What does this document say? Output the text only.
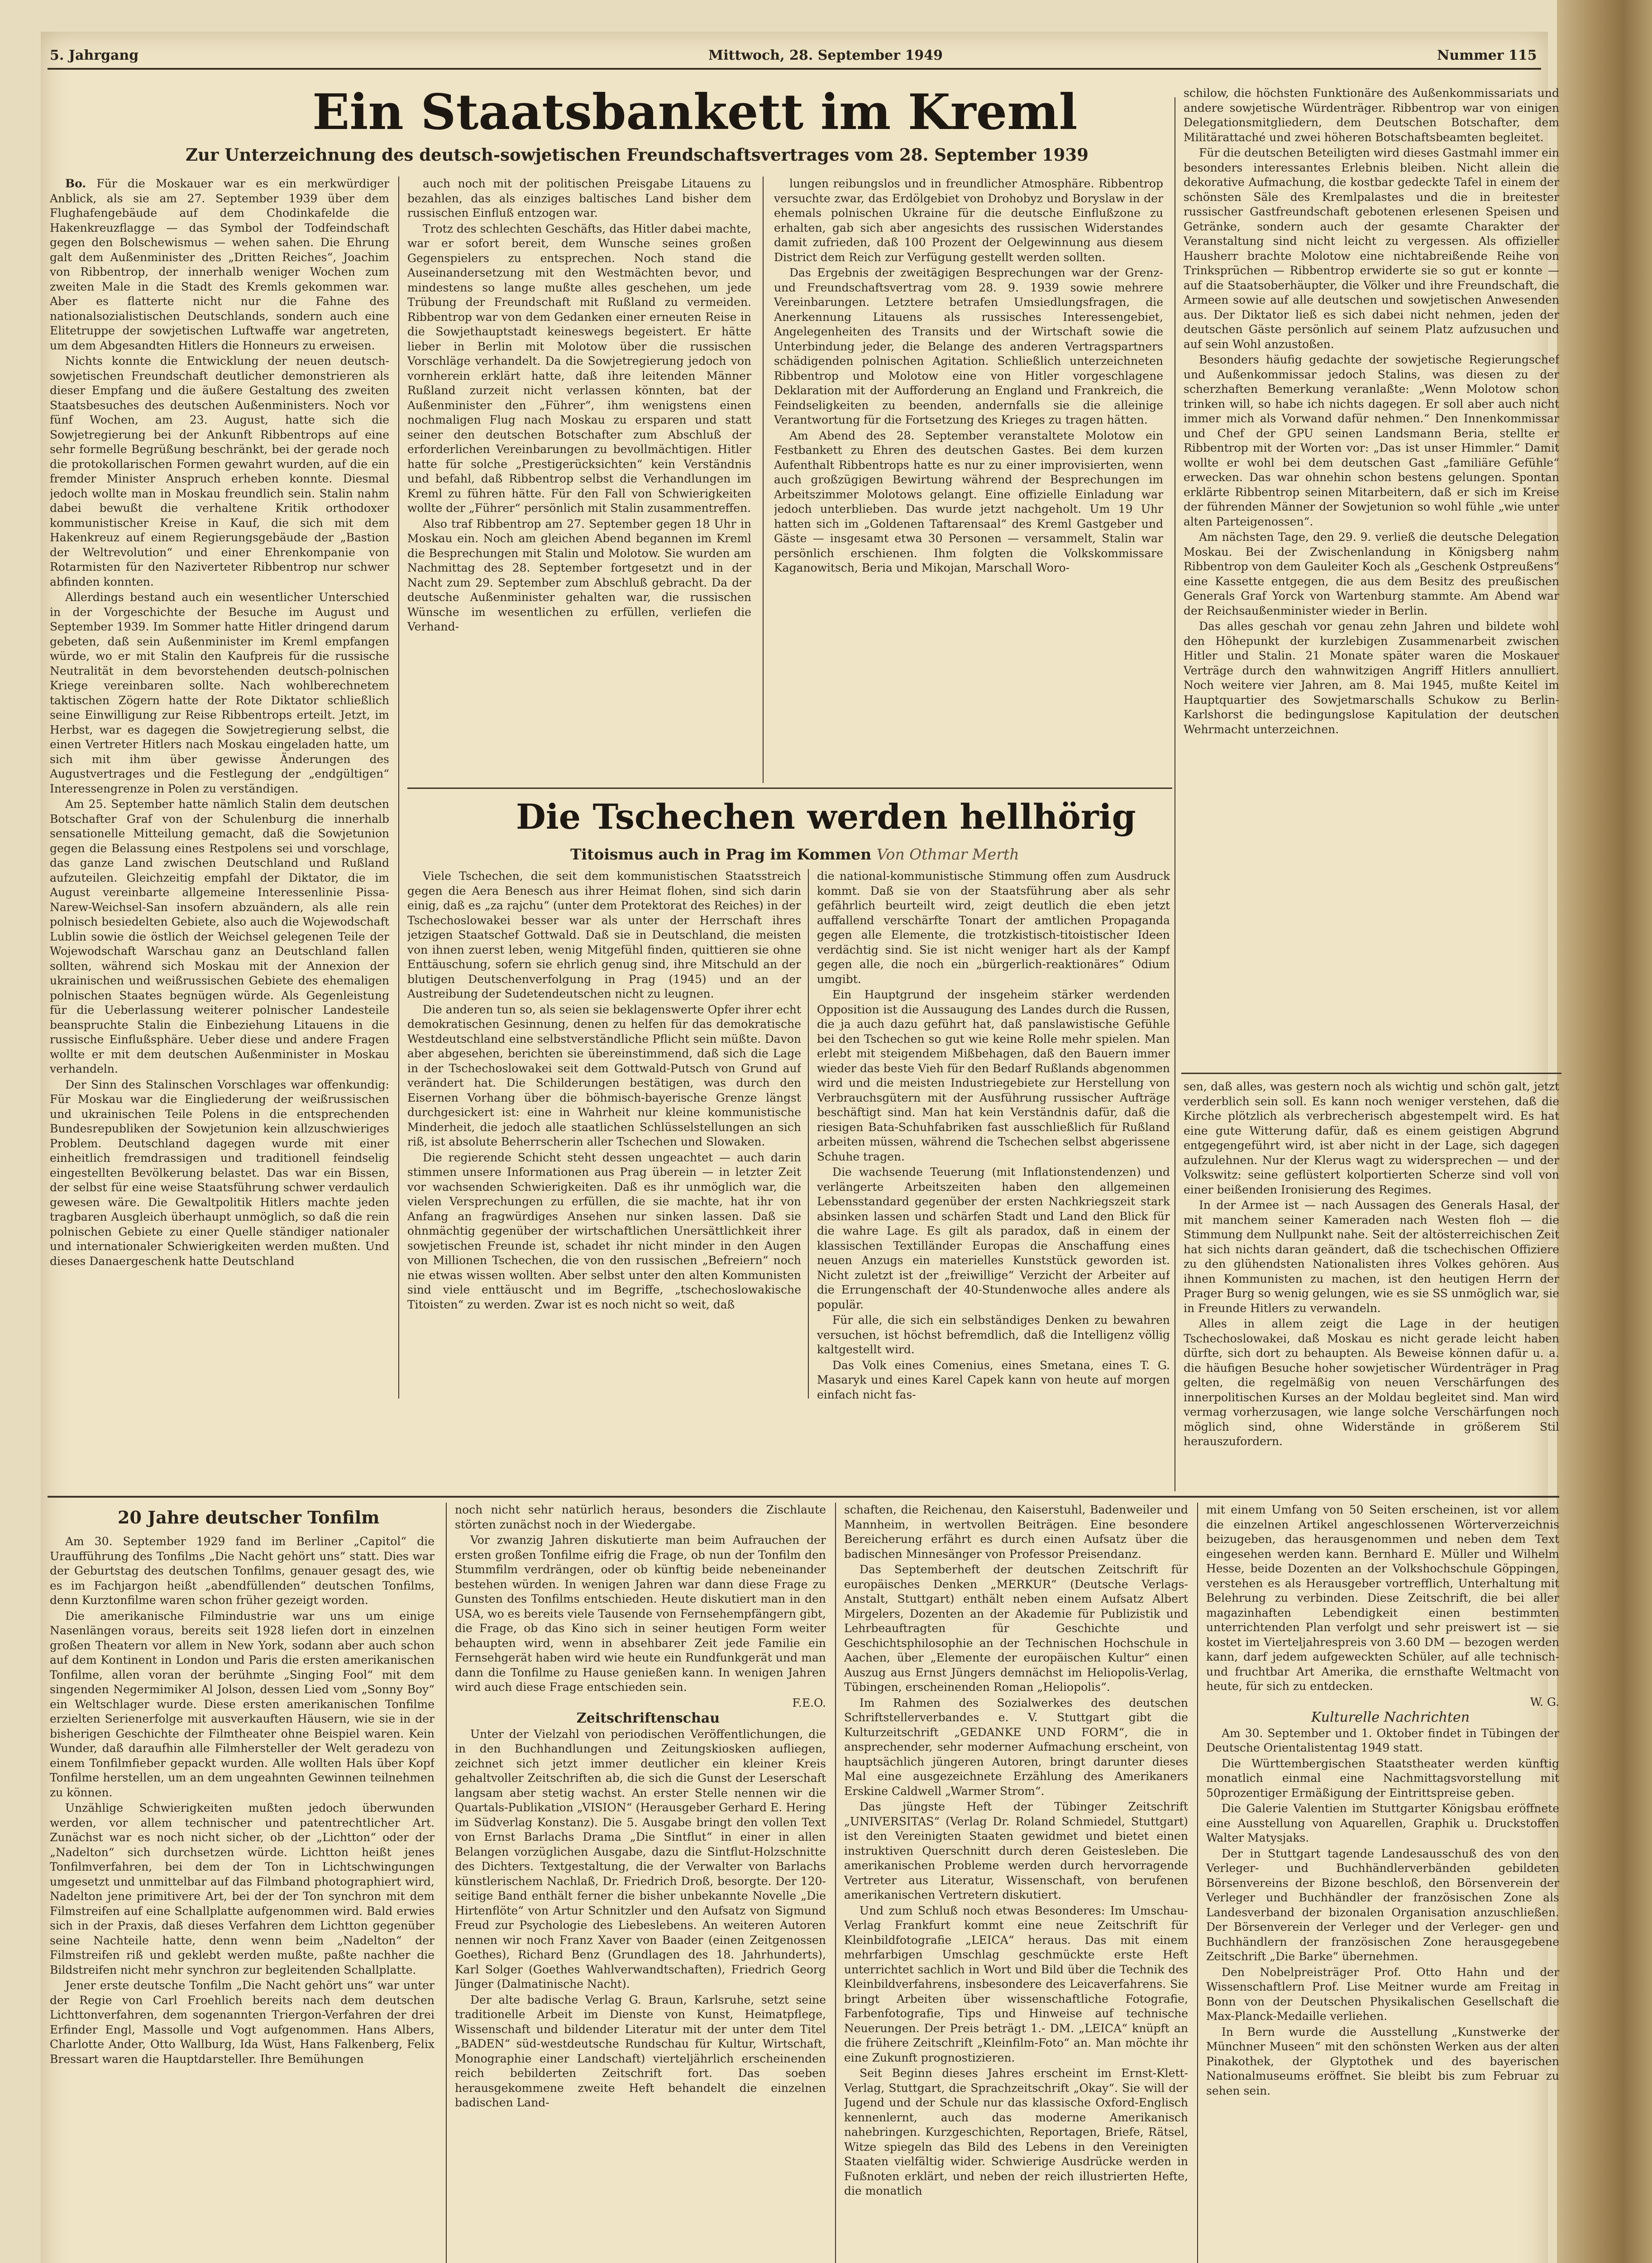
5. Jahrgang	Mittwoch, 28. September 1949	Nummer 115
Ein Staatsbankett im Kreml
Zur Unterzeichnung des deutsch-sowjetischen Freundschaftsvertrages vom 28. September 1939

Bo. Für die Moskauer war es ein merkwürdiger Anblick, als sie am 27. September 1939 über dem Flughafengebäude auf dem Chodinkafelde die Hakenkreuzflagge — das Symbol der Todfeindschaft gegen den Bolschewismus — wehen sahen. Die Ehrung galt dem Außenminister des „Dritten Reiches“, Joachim von Ribbentrop, der innerhalb weniger Wochen zum zweiten Male in die Stadt des Kremls gekommen war. Aber es flatterte nicht nur die Fahne des nationalsozialistischen Deutschlands, sondern auch eine Elitetruppe der sowjetischen Luftwaffe war angetreten, um dem Abgesandten Hitlers die Honneurs zu erweisen.

Nichts konnte die Entwicklung der neuen deutsch-sowjetischen Freundschaft deutlicher demonstrieren als dieser Empfang und die äußere Gestaltung des zweiten Staatsbesuches des deutschen Außenministers. Noch vor fünf Wochen, am 23. August, hatte sich die Sowjetregierung bei der Ankunft Ribbentrops auf eine sehr formelle Begrüßung beschränkt, bei der gerade noch die protokollarischen Formen gewahrt wurden, auf die ein fremder Minister Anspruch erheben konnte. Diesmal jedoch wollte man in Moskau freundlich sein. Stalin nahm dabei bewußt die verhaltene Kritik orthodoxer kommunistischer Kreise in Kauf, die sich mit dem Hakenkreuz auf einem Regierungsgebäude der „Bastion der Weltrevolution“ und einer Ehrenkompanie von Rotarmisten für den Naziverteter Ribbentrop nur schwer abfinden konnten.

Allerdings bestand auch ein wesentlicher Unterschied in der Vorgeschichte der Besuche im August und September 1939. Im Sommer hatte Hitler dringend darum gebeten, daß sein Außenminister im Kreml empfangen würde, wo er mit Stalin den Kaufpreis für die russische Neutralität in dem bevorstehenden deutsch-polnischen Kriege vereinbaren sollte. Nach wohlberechnetem taktischen Zögern hatte der Rote Diktator schließlich seine Einwilligung zur Reise Ribbentrops erteilt. Jetzt, im Herbst, war es dagegen die Sowjetregierung selbst, die einen Vertreter Hitlers nach Moskau eingeladen hatte, um sich mit ihm über gewisse Änderungen des Augustvertrages und die Festlegung der „endgültigen“ Interessengrenze in Polen zu verständigen.

Am 25. September hatte nämlich Stalin dem deutschen Botschafter Graf von der Schulenburg die innerhalb sensationelle Mitteilung gemacht, daß die Sowjetunion gegen die Belassung eines Restpolens sei und vorschlage, das ganze Land zwischen Deutschland und Rußland aufzuteilen. Gleichzeitig empfahl der Diktator, die im August vereinbarte allgemeine Interessenlinie Pissa-Narew-Weichsel-San insofern abzuändern, als alle rein polnisch besiedelten Gebiete, also auch die Wojewodschaft Lublin sowie die östlich der Weichsel gelegenen Teile der Wojewodschaft Warschau ganz an Deutschland fallen sollten, während sich Moskau mit der Annexion der ukrainischen und weißrussischen Gebiete des ehemaligen polnischen Staates begnügen würde. Als Gegenleistung für die Ueberlassung weiterer polnischer Landesteile beanspruchte Stalin die Einbeziehung Litauens in die russische Einflußsphäre. Ueber diese und andere Fragen wollte er mit dem deutschen Außenminister in Moskau verhandeln.

Der Sinn des Stalinschen Vorschlages war offenkundig: Für Moskau war die Eingliederung der weißrussischen und ukrainischen Teile Polens in die entsprechenden Bundesrepubliken der Sowjetunion kein allzuschwieriges Problem. Deutschland dagegen wurde mit einer einheitlich fremdrassigen und traditionell feindselig eingestellten Bevölkerung belastet. Das war ein Bissen, der selbst für eine weise Staatsführung schwer verdaulich gewesen wäre. Die Gewaltpolitik Hitlers machte jeden tragbaren Ausgleich überhaupt unmöglich, so daß die rein polnischen Gebiete zu einer Quelle ständiger nationaler und internationaler Schwierigkeiten werden mußten. Und dieses Danaergeschenk hatte Deutschland

auch noch mit der politischen Preisgabe Litauens zu bezahlen, das als einziges baltisches Land bisher dem russischen Einfluß entzogen war.

Trotz des schlechten Geschäfts, das Hitler dabei machte, war er sofort bereit, dem Wunsche seines großen Gegenspielers zu entsprechen. Noch stand die Auseinandersetzung mit den Westmächten bevor, und mindestens so lange mußte alles geschehen, um jede Trübung der Freundschaft mit Rußland zu vermeiden. Ribbentrop war von dem Gedanken einer erneuten Reise in die Sowjethauptstadt keineswegs begeistert. Er hätte lieber in Berlin mit Molotow über die russischen Vorschläge verhandelt. Da die Sowjetregierung jedoch von vornherein erklärt hatte, daß ihre leitenden Männer Rußland zurzeit nicht verlassen könnten, bat der Außenminister den „Führer“, ihm wenigstens einen nochmaligen Flug nach Moskau zu ersparen und statt seiner den deutschen Botschafter zum Abschluß der erforderlichen Vereinbarungen zu bevollmächtigen. Hitler hatte für solche „Prestigerücksichten“ kein Verständnis und befahl, daß Ribbentrop selbst die Verhandlungen im Kreml zu führen hätte. Für den Fall von Schwierigkeiten wollte der „Führer“ persönlich mit Stalin zusammentreffen.

Also traf Ribbentrop am 27. September gegen 18 Uhr in Moskau ein. Noch am gleichen Abend begannen im Kreml die Besprechungen mit Stalin und Molotow. Sie wurden am Nachmittag des 28. September fortgesetzt und in der Nacht zum 29. September zum Abschluß gebracht. Da der deutsche Außenminister gehalten war, die russischen Wünsche im wesentlichen zu erfüllen, verliefen die Verhand-

lungen reibungslos und in freundlicher Atmosphäre. Ribbentrop versuchte zwar, das Erdölgebiet von Drohobyz und Boryslaw in der ehemals polnischen Ukraine für die deutsche Einflußzone zu erhalten, gab sich aber angesichts des russischen Widerstandes damit zufrieden, daß 100 Prozent der Oelgewinnung aus diesem District dem Reich zur Verfügung gestellt werden sollten.

Das Ergebnis der zweitägigen Besprechungen war der Grenz- und Freundschaftsvertrag vom 28. 9. 1939 sowie mehrere Vereinbarungen. Letztere betrafen Umsiedlungsfragen, die Anerkennung Litauens als russisches Interessengebiet, Angelegenheiten des Transits und der Wirtschaft sowie die Unterbindung jeder, die Belange des anderen Vertragspartners schädigenden polnischen Agitation. Schließlich unterzeichneten Ribbentrop und Molotow eine von Hitler vorgeschlagene Deklaration mit der Aufforderung an England und Frankreich, die Feindseligkeiten zu beenden, andernfalls sie die alleinige Verantwortung für die Fortsetzung des Krieges zu tragen hätten.

Am Abend des 28. September veranstaltete Molotow ein Festbankett zu Ehren des deutschen Gastes. Bei dem kurzen Aufenthalt Ribbentrops hatte es nur zu einer improvisierten, wenn auch großzügigen Bewirtung während der Besprechungen im Arbeitszimmer Molotows gelangt. Eine offizielle Einladung war jedoch unterblieben. Das wurde jetzt nachgeholt. Um 19 Uhr hatten sich im „Goldenen Taftarensaal“ des Kreml Gastgeber und Gäste — insgesamt etwa 30 Personen — versammelt, Stalin war persönlich erschienen. Ihm folgten die Volkskommissare Kaganowitsch, Beria und Mikojan, Marschall Woro-

schilow, die höchsten Funktionäre des Außenkommissariats und andere sowjetische Würdenträger. Ribbentrop war von einigen Delegationsmitgliedern, dem Deutschen Botschafter, dem Militärattaché und zwei höheren Botschaftsbeamten begleitet.

Für die deutschen Beteiligten wird dieses Gastmahl immer ein besonders interessantes Erlebnis bleiben. Nicht allein die dekorative Aufmachung, die kostbar gedeckte Tafel in einem der schönsten Säle des Kremlpalastes und die in breitester russischer Gastfreundschaft gebotenen erlesenen Speisen und Getränke, sondern auch der gesamte Charakter der Veranstaltung sind nicht leicht zu vergessen. Als offizieller Hausherr brachte Molotow eine nichtabreißende Reihe von Trinksprüchen — Ribbentrop erwiderte sie so gut er konnte — auf die Staatsoberhäupter, die Völker und ihre Freundschaft, die Armeen sowie auf alle deutschen und sowjetischen Anwesenden aus. Der Diktator ließ es sich dabei nicht nehmen, jeden der deutschen Gäste persönlich auf seinem Platz aufzusuchen und auf sein Wohl anzustoßen.

Besonders häufig gedachte der sowjetische Regierungschef und Außenkommissar jedoch Stalins, was diesen zu der scherzhaften Bemerkung veranlaßte: „Wenn Molotow schon trinken will, so habe ich nichts dagegen. Er soll aber auch nicht immer mich als Vorwand dafür nehmen.“ Den Innenkommissar und Chef der GPU seinen Landsmann Beria, stellte er Ribbentrop mit der Worten vor: „Das ist unser Himmler.“ Damit wollte er wohl bei dem deutschen Gast „familiäre Gefühle“ erwecken. Das war ohnehin schon bestens gelungen. Spontan erklärte Ribbentrop seinen Mitarbeitern, daß er sich im Kreise der führenden Männer der Sowjetunion so wohl fühle „wie unter alten Parteigenossen“.

Am nächsten Tage, den 29. 9. verließ die deutsche Delegation Moskau. Bei der Zwischenlandung in Königsberg nahm Ribbentrop von dem Gauleiter Koch als „Geschenk Ostpreußens“ eine Kassette entgegen, die aus dem Besitz des preußischen Generals Graf Yorck von Wartenburg stammte. Am Abend war der Reichsaußenminister wieder in Berlin.

Das alles geschah vor genau zehn Jahren und bildete wohl den Höhepunkt der kurzlebigen Zusammenarbeit zwischen Hitler und Stalin. 21 Monate später waren die Moskauer Verträge durch den wahnwitzigen Angriff Hitlers annulliert. Noch weitere vier Jahren, am 8. Mai 1945, mußte Keitel im Hauptquartier des Sowjetmarschalls Schukow zu Berlin-Karlshorst die bedingungslose Kapitulation der deutschen Wehrmacht unterzeichnen.

Die Tschechen werden hellhörig
Titoismus auch in Prag im Kommen Von Othmar Merth

Viele Tschechen, die seit dem kommunistischen Staatsstreich gegen die Aera Benesch aus ihrer Heimat flohen, sind sich darin einig, daß es „za rajchu“ (unter dem Protektorat des Reiches) in der Tschechoslowakei besser war als unter der Herrschaft ihres jetzigen Staatschef Gottwald. Daß sie in Deutschland, die meisten von ihnen zuerst leben, wenig Mitgefühl finden, quittieren sie ohne Enttäuschung, sofern sie ehrlich genug sind, ihre Mitschuld an der blutigen Deutschenverfolgung in Prag (1945) und an der Austreibung der Sudetendeutschen nicht zu leugnen.

Die anderen tun so, als seien sie beklagenswerte Opfer ihrer echt demokratischen Gesinnung, denen zu helfen für das demokratische Westdeutschland eine selbstverständliche Pflicht sein müßte. Davon aber abgesehen, berichten sie übereinstimmend, daß sich die Lage in der Tschechoslowakei seit dem Gottwald-Putsch von Grund auf verändert hat. Die Schilderungen bestätigen, was durch den Eisernen Vorhang über die böhmisch-bayerische Grenze längst durchgesickert ist: eine in Wahrheit nur kleine kommunistische Minderheit, die jedoch alle staatlichen Schlüsselstellungen an sich riß, ist absolute Beherrscherin aller Tschechen und Slowaken.

Die regierende Schicht steht dessen ungeachtet — auch darin stimmen unsere Informationen aus Prag überein — in letzter Zeit vor wachsenden Schwierigkeiten. Daß es ihr unmöglich war, die vielen Versprechungen zu erfüllen, die sie machte, hat ihr von Anfang an fragwürdiges Ansehen nur sinken lassen. Daß sie ohnmächtig gegenüber der wirtschaftlichen Unersättlichkeit ihrer sowjetischen Freunde ist, schadet ihr nicht minder in den Augen von Millionen Tschechen, die von den russischen „Befreiern“ noch nie etwas wissen wollten. Aber selbst unter den alten Kommunisten sind viele enttäuscht und im Begriffe, „tschechoslowakische Titoisten“ zu werden. Zwar ist es noch nicht so weit, daß

die national-kommunistische Stimmung offen zum Ausdruck kommt. Daß sie von der Staatsführung aber als sehr gefährlich beurteilt wird, zeigt deutlich die eben jetzt auffallend verschärfte Tonart der amtlichen Propaganda gegen alle Elemente, die trotzkistisch-titoistischer Ideen verdächtig sind. Sie ist nicht weniger hart als der Kampf gegen alle, die noch ein „bürgerlich-reaktionäres“ Odium umgibt.

Ein Hauptgrund der insgeheim stärker werdenden Opposition ist die Aussaugung des Landes durch die Russen, die ja auch dazu geführt hat, daß panslawistische Gefühle bei den Tschechen so gut wie keine Rolle mehr spielen. Man erlebt mit steigendem Mißbehagen, daß den Bauern immer wieder das beste Vieh für den Bedarf Rußlands abgenommen wird und die meisten Industriegebiete zur Herstellung von Verbrauchsgütern mit der Ausführung russischer Aufträge beschäftigt sind. Man hat kein Verständnis dafür, daß die riesigen Bata-Schuhfabriken fast ausschließlich für Rußland arbeiten müssen, während die Tschechen selbst abgerissene Schuhe tragen.

Die wachsende Teuerung (mit Inflationstendenzen) und verlängerte Arbeitszeiten haben den allgemeinen Lebensstandard gegenüber der ersten Nachkriegszeit stark absinken lassen und schärfen Stadt und Land den Blick für die wahre Lage. Es gilt als paradox, daß in einem der klassischen Textilländer Europas die Anschaffung eines neuen Anzugs ein materielles Kunststück geworden ist. Nicht zuletzt ist der „freiwillige“ Verzicht der Arbeiter auf die Errungenschaft der 40-Stundenwoche alles andere als populär.

Für alle, die sich ein selbständiges Denken zu bewahren versuchen, ist höchst befremdlich, daß die Intelligenz völlig kaltgestellt wird.

Das Volk eines Comenius, eines Smetana, eines T. G. Masaryk und eines Karel Capek kann von heute auf morgen einfach nicht fas-

sen, daß alles, was gestern noch als wichtig und schön galt, jetzt verderblich sein soll. Es kann noch weniger verstehen, daß die Kirche plötzlich als verbrecherisch abgestempelt wird. Es hat eine gute Witterung dafür, daß es einem geistigen Abgrund entgegengeführt wird, ist aber nicht in der Lage, sich dagegen aufzulehnen. Nur der Klerus wagt zu widersprechen — und der Volkswitz: seine geflüstert kolportierten Scherze sind voll von einer beißenden Ironisierung des Regimes.

In der Armee ist — nach Aussagen des Generals Hasal, der mit manchem seiner Kameraden nach Westen floh — die Stimmung dem Nullpunkt nahe. Seit der altösterreichischen Zeit hat sich nichts daran geändert, daß die tschechischen Offiziere zu den glühendsten Nationalisten ihres Volkes gehören. Aus ihnen Kommunisten zu machen, ist den heutigen Herrn der Prager Burg so wenig gelungen, wie es sie SS unmöglich war, sie in Freunde Hitlers zu verwandeln.

Alles in allem zeigt die Lage in der heutigen Tschechoslowakei, daß Moskau es nicht gerade leicht haben dürfte, sich dort zu behaupten. Als Beweise können dafür u. a. die häufigen Besuche hoher sowjetischer Würdenträger in Prag gelten, die regelmäßig von neuen Verschärfungen des innerpolitischen Kurses an der Moldau begleitet sind. Man wird vermag vorherzusagen, wie lange solche Verschärfungen noch möglich sind, ohne Widerstände in größerem Stil herauszufordern.

20 Jahre deutscher Tonfilm

Am 30. September 1929 fand im Berliner „Capitol“ die Uraufführung des Tonfilms „Die Nacht gehört uns“ statt. Dies war der Geburtstag des deutschen Tonfilms, genauer gesagt des, wie es im Fachjargon heißt „abendfüllenden“ deutschen Tonfilms, denn Kurztonfilme waren schon früher gezeigt worden.

Die amerikanische Filmindustrie war uns um einige Nasenlängen voraus, bereits seit 1928 liefen dort in einzelnen großen Theatern vor allem in New York, sodann aber auch schon auf dem Kontinent in London und Paris die ersten amerikanischen Tonfilme, allen voran der berühmte „Singing Fool“ mit dem singenden Negermimiker Al Jolson, dessen Lied vom „Sonny Boy“ ein Weltschlager wurde. Diese ersten amerikanischen Tonfilme erzielten Serienerfolge mit ausverkauften Häusern, wie sie in der bisherigen Geschichte der Filmtheater ohne Beispiel waren. Kein Wunder, daß daraufhin alle Filmhersteller der Welt geradezu von einem Tonfilmfieber gepackt wurden. Alle wollten Hals über Kopf Tonfilme herstellen, um an dem ungeahnten Gewinnen teilnehmen zu können.

Unzählige Schwierigkeiten mußten jedoch überwunden werden, vor allem technischer und patentrechtlicher Art. Zunächst war es noch nicht sicher, ob der „Lichtton“ oder der „Nadelton“ sich durchsetzen würde. Lichtton heißt jenes Tonfilmverfahren, bei dem der Ton in Lichtschwingungen umgesetzt und unmittelbar auf das Filmband photographiert wird, Nadelton jene primitivere Art, bei der der Ton synchron mit dem Filmstreifen auf eine Schallplatte aufgenommen wird. Bald erwies sich in der Praxis, daß dieses Verfahren dem Lichtton gegenüber seine Nachteile hatte, denn wenn beim „Nadelton“ der Filmstreifen riß und geklebt werden mußte, paßte nachher die Bildstreifen nicht mehr synchron zur begleitenden Schallplatte.

Jener erste deutsche Tonfilm „Die Nacht gehört uns“ war unter der Regie von Carl Froehlich bereits nach dem deutschen Lichttonverfahren, dem sogenannten Triergon-Verfahren der drei Erfinder Engl, Massolle und Vogt aufgenommen. Hans Albers, Charlotte Ander, Otto Wallburg, Ida Wüst, Hans Falkenberg, Felix Bressart waren die Hauptdarsteller. Ihre Bemühungen

noch nicht sehr natürlich heraus, besonders die Zischlaute störten zunächst noch in der Wiedergabe.

Vor zwanzig Jahren diskutierte man beim Aufrauchen der ersten großen Tonfilme eifrig die Frage, ob nun der Tonfilm den Stummfilm verdrängen, oder ob künftig beide nebeneinander bestehen würden. In wenigen Jahren war dann diese Frage zu Gunsten des Tonfilms entschieden. Heute diskutiert man in den USA, wo es bereits viele Tausende von Fernsehempfängern gibt, die Frage, ob das Kino sich in seiner heutigen Form weiter behaupten wird, wenn in absehbarer Zeit jede Familie ein Fernsehgerät haben wird wie heute ein Rundfunkgerät und man dann die Tonfilme zu Hause genießen kann. In wenigen Jahren wird auch diese Frage entschieden sein.

F.E.O.

Zeitschriftenschau

Unter der Vielzahl von periodischen Veröffentlichungen, die in den Buchhandlungen und Zeitungskiosken aufliegen, zeichnet sich jetzt immer deutlicher ein kleiner Kreis gehaltvoller Zeitschriften ab, die sich die Gunst der Leserschaft langsam aber stetig wachst. An erster Stelle nennen wir die Quartals-Publikation „VISION“ (Herausgeber Gerhard E. Hering im Südverlag Konstanz). Die 5. Ausgabe bringt den vollen Text von Ernst Barlachs Drama „Die Sintflut“ in einer in allen Belangen vorzüglichen Ausgabe, dazu die Sintflut-Holzschnitte des Dichters. Textgestaltung, die der Verwalter von Barlachs künstlerischem Nachlaß, Dr. Friedrich Droß, besorgte. Der 120-seitige Band enthält ferner die bisher unbekannte Novelle „Die Hirtenflöte“ von Artur Schnitzler und den Aufsatz von Sigmund Freud zur Psychologie des Liebeslebens. An weiteren Autoren nennen wir noch Franz Xaver von Baader (einen Zeitgenossen Goethes), Richard Benz (Grundlagen des 18. Jahrhunderts), Karl Solger (Goethes Wahlverwandtschaften), Friedrich Georg Jünger (Dalmatinische Nacht).

Der alte badische Verlag G. Braun, Karlsruhe, setzt seine traditionelle Arbeit im Dienste von Kunst, Heimatpflege, Wissenschaft und bildender Literatur mit der unter dem Titel „BADEN“ süd-westdeutsche Rundschau für Kultur, Wirtschaft, Monographie einer Landschaft) vierteljährlich erscheinenden reich bebilderten Zeitschrift fort. Das soeben herausgekommene zweite Heft behandelt die einzelnen badischen Land-

schaften, die Reichenau, den Kaiserstuhl, Badenweiler und Mannheim, in wertvollen Beiträgen. Eine besondere Bereicherung erfährt es durch einen Aufsatz über die badischen Minnesänger von Professor Preisendanz.

Das Septemberheft der deutschen Zeitschrift für europäisches Denken „MERKUR“ (Deutsche Verlags-Anstalt, Stuttgart) enthält neben einem Aufsatz Albert Mirgelers, Dozenten an der Akademie für Publizistik und Lehrbeauftragten für Geschichte und Geschichtsphilosophie an der Technischen Hochschule in Aachen, über „Elemente der europäischen Kultur“ einen Auszug aus Ernst Jüngers demnächst im Heliopolis-Verlag, Tübingen, erscheinenden Roman „Heliopolis“.

Im Rahmen des Sozialwerkes des deutschen Schriftstellerverbandes e. V. Stuttgart gibt die Kulturzeitschrift „GEDANKE UND FORM“, die in ansprechender, sehr moderner Aufmachung erscheint, von hauptsächlich jüngeren Autoren, bringt darunter dieses Mal eine ausgezeichnete Erzählung des Amerikaners Erskine Caldwell „Warmer Strom“.

Das jüngste Heft der Tübinger Zeitschrift „UNIVERSITAS“ (Verlag Dr. Roland Schmiedel, Stuttgart) ist den Vereinigten Staaten gewidmet und bietet einen instruktiven Querschnitt durch deren Geistesleben. Die amerikanischen Probleme werden durch hervorragende Vertreter aus Literatur, Wissenschaft, von berufenen amerikanischen Vertretern diskutiert.

Und zum Schluß noch etwas Besonderes: Im Umschau-Verlag Frankfurt kommt eine neue Zeitschrift für Kleinbildfotografie „LEICA“ heraus. Das mit einem mehrfarbigen Umschlag geschmückte erste Heft unterrichtet sachlich in Wort und Bild über die Technik des Kleinbildverfahrens, insbesondere des Leicaverfahrens. Sie bringt Arbeiten über wissenschaftliche Fotografie, Farbenfotografie, Tips und Hinweise auf technische Neuerungen. Der Preis beträgt 1.- DM. „LEICA“ knüpft an die frühere Zeitschrift „Kleinfilm-Foto“ an. Man möchte ihr eine Zukunft prognostizieren.

Seit Beginn dieses Jahres erscheint im Ernst-Klett-Verlag, Stuttgart, die Sprachzeitschrift „Okay“. Sie will der Jugend und der Schule nur das klassische Oxford-Englisch kennenlernt, auch das moderne Amerikanisch nahebringen. Kurzgeschichten, Reportagen, Briefe, Rätsel, Witze spiegeln das Bild des Lebens in den Vereinigten Staaten vielfältig wider. Schwierige Ausdrücke werden in Fußnoten erklärt, und neben der reich illustrierten Hefte, die monatlich

mit einem Umfang von 50 Seiten erscheinen, ist vor allem die einzelnen Artikel angeschlossenen Wörterverzeichnis beizugeben, das herausgenommen und neben dem Text eingesehen werden kann. Bernhard E. Müller und Wilhelm Hesse, beide Dozenten an der Volkshochschule Göppingen, verstehen es als Herausgeber vortrefflich, Unterhaltung mit Belehrung zu verbinden. Diese Zeitschrift, die bei aller magazinhaften Lebendigkeit einen bestimmten unterrichtenden Plan verfolgt und sehr preiswert ist — sie kostet im Vierteljahrespreis von 3.60 DM — bezogen werden kann, darf jedem aufgeweckten Schüler, auf alle technisch- und fruchtbar Art Amerika, die ernsthafte Weltmacht von heute, für sich zu entdecken.

W. G.

Kulturelle Nachrichten

Am 30. September und 1. Oktober findet in Tübingen der Deutsche Orientalistentag 1949 statt.

Die Württembergischen Staatstheater werden künftig monatlich einmal eine Nachmittagsvorstellung mit 50prozentiger Ermäßigung der Eintrittspreise geben.

Die Galerie Valentien im Stuttgarter Königsbau eröffnete eine Ausstellung von Aquarellen, Graphik u. Druckstoffen Walter Matysjaks.

Der in Stuttgart tagende Landesausschuß des von den Verleger- und Buchhändlerverbänden gebildeten Börsenvereins der Bizone beschloß, den Börsenverein der Verleger und Buchhändler der französischen Zone als Landesverband der bizonalen Organisation anzuschließen. Der Börsenverein der Verleger und der Verleger- gen und Buchhändlern der französischen Zone herausgegebene Zeitschrift „Die Barke“ übernehmen.

Den Nobelpreisträger Prof. Otto Hahn und der Wissenschaftlern Prof. Lise Meitner wurde am Freitag in Bonn von der Deutschen Physikalischen Gesellschaft die Max-Planck-Medaille verliehen.

In Bern wurde die Ausstellung „Kunstwerke der Münchner Museen“ mit den schönsten Werken aus der alten Pinakothek, der Glyptothek und des bayerischen Nationalmuseums eröffnet. Sie bleibt bis zum Februar zu sehen sein.
